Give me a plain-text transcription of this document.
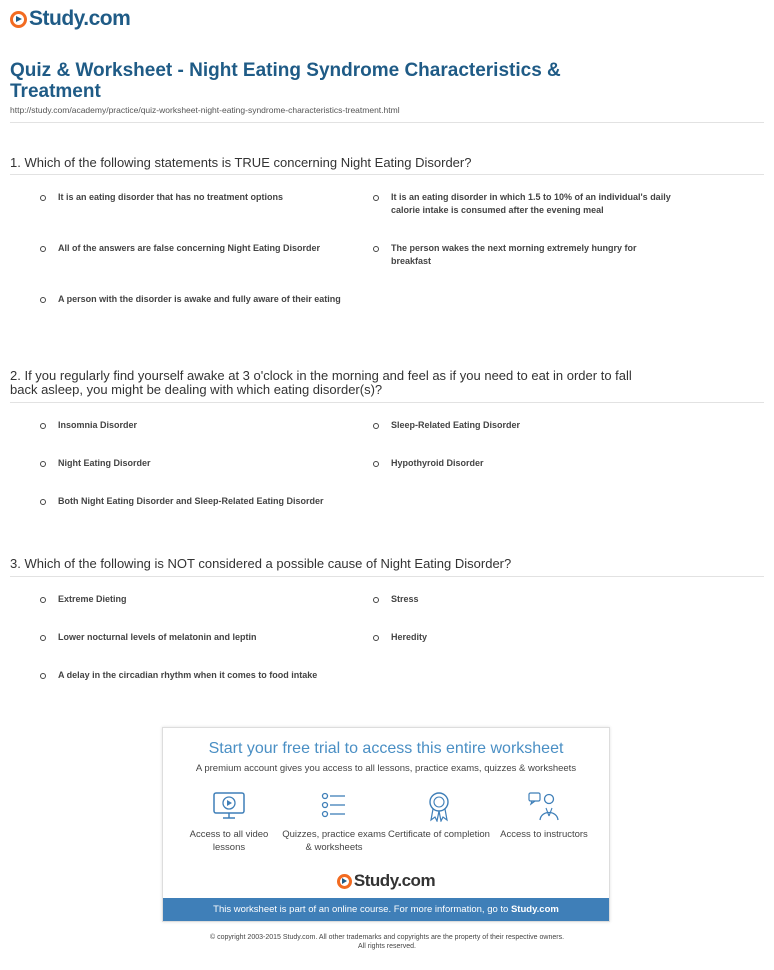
Study.com
Quiz & Worksheet - Night Eating Syndrome Characteristics & Treatment
http://study.com/academy/practice/quiz-worksheet-night-eating-syndrome-characteristics-treatment.html
1. Which of the following statements is TRUE concerning Night Eating Disorder?
It is an eating disorder that has no treatment options	It is an eating disorder in which 1.5 to 10% of an individual's daily calorie intake is consumed after the evening meal
All of the answers are false concerning Night Eating Disorder	The person wakes the next morning extremely hungry for breakfast
A person with the disorder is awake and fully aware of their eating
2. If you regularly find yourself awake at 3 o'clock in the morning and feel as if you need to eat in order to fall back asleep, you might be dealing with which eating disorder(s)?
Insomnia Disorder	Sleep-Related Eating Disorder
Night Eating Disorder	Hypothyroid Disorder
Both Night Eating Disorder and Sleep-Related Eating Disorder
3. Which of the following is NOT considered a possible cause of Night Eating Disorder?
Extreme Dieting	Stress
Lower nocturnal levels of melatonin and leptin	Heredity
A delay in the circadian rhythm when it comes to food intake
Start your free trial to access this entire worksheet
A premium account gives you access to all lessons, practice exams, quizzes & worksheets
Access to all video lessons
Quizzes, practice exams & worksheets
Certificate of completion	Access to instructors
Study.com
This worksheet is part of an online course. For more information, go to Study.com
© copyright 2003-2015 Study.com. All other trademarks and copyrights are the property of their respective owners.
All rights reserved.
